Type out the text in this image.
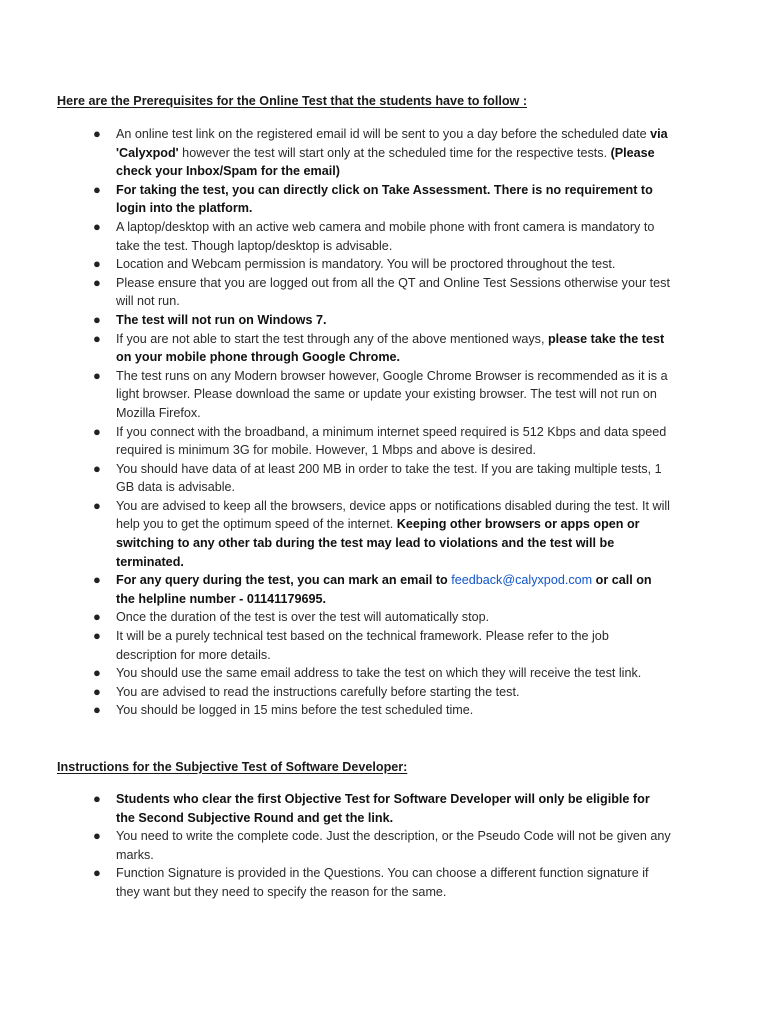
Here are the Prerequisites for the Online Test that the students have to follow :
● An online test link on the registered email id will be sent to you a day before the scheduled date via 'Calyxpod' however the test will start only at the scheduled time for the respective tests. (Please check your Inbox/Spam for the email)
● For taking the test, you can directly click on Take Assessment. There is no requirement to login into the platform.
● A laptop/desktop with an active web camera and mobile phone with front camera is mandatory to take the test. Though laptop/desktop is advisable.
● Location and Webcam permission is mandatory. You will be proctored throughout the test.
● Please ensure that you are logged out from all the QT and Online Test Sessions otherwise your test will not run.
● The test will not run on Windows 7.
● If you are not able to start the test through any of the above mentioned ways, please take the test on your mobile phone through Google Chrome.
● The test runs on any Modern browser however, Google Chrome Browser is recommended as it is a light browser. Please download the same or update your existing browser. The test will not run on Mozilla Firefox.
● If you connect with the broadband, a minimum internet speed required is 512 Kbps and data speed required is minimum 3G for mobile. However, 1 Mbps and above is desired.
● You should have data of at least 200 MB in order to take the test. If you are taking multiple tests, 1 GB data is advisable.
● You are advised to keep all the browsers, device apps or notifications disabled during the test. It will help you to get the optimum speed of the internet. Keeping other browsers or apps open or switching to any other tab during the test may lead to violations and the test will be terminated.
● For any query during the test, you can mark an email to feedback@calyxpod.com or call on the helpline number - 01141179695.
● Once the duration of the test is over the test will automatically stop.
● It will be a purely technical test based on the technical framework. Please refer to the job description for more details.
● You should use the same email address to take the test on which they will receive the test link.
● You are advised to read the instructions carefully before starting the test.
● You should be logged in 15 mins before the test scheduled time.
Instructions for the Subjective Test of Software Developer:
● Students who clear the first Objective Test for Software Developer will only be eligible for the Second Subjective Round and get the link.
● You need to write the complete code. Just the description, or the Pseudo Code will not be given any marks.
● Function Signature is provided in the Questions. You can choose a different function signature if they want but they need to specify the reason for the same.
